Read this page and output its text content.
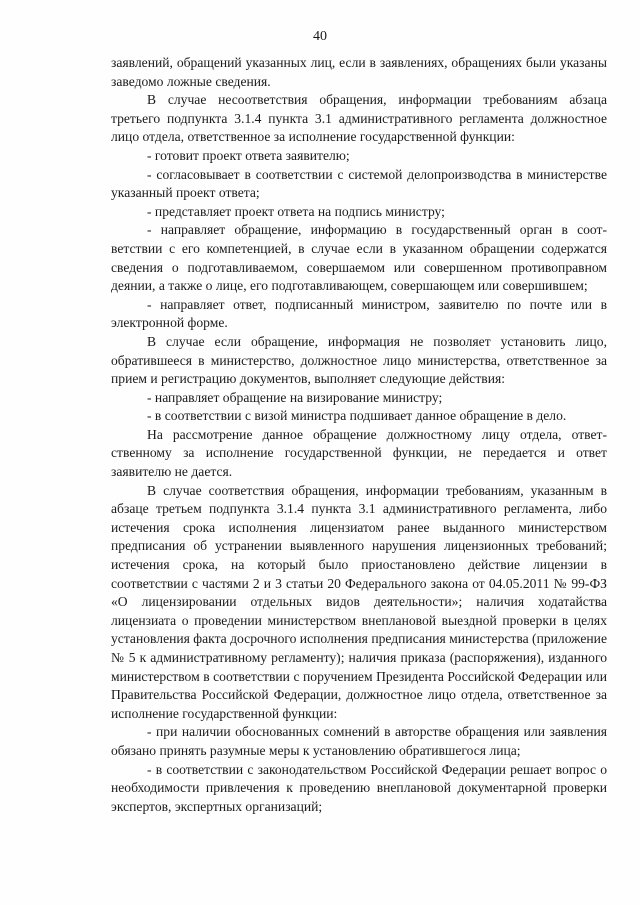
40

заявлений, обращений указанных лиц, если в заявлениях, обращениях были указаны заведомо ложные сведения.

В случае несоответствия обращения, информации требованиям абзаца третьего подпункта 3.1.4 пункта 3.1 административного регламента должностное лицо отдела, ответственное за исполнение государственной функции:

- готовит проект ответа заявителю;

- согласовывает в соответствии с системой делопроизводства в министерстве указанный проект ответа;

- представляет проект ответа на подпись министру;

- направляет обращение, информацию в государственный орган в соответствии с его компетенцией, в случае если в указанном обращении содержатся сведения о подготавливаемом, совершаемом или совершенном противоправном деянии, а также о лице, его подготавливающем, совершающем или совершившем;

- направляет ответ, подписанный министром, заявителю по почте или в электронной форме.

В случае если обращение, информация не позволяет установить лицо, обратившееся в министерство, должностное лицо министерства, ответственное за прием и регистрацию документов, выполняет следующие действия:

- направляет обращение на визирование министру;

- в соответствии с визой министра подшивает данное обращение в дело.

На рассмотрение данное обращение должностному лицу отдела, ответственному за исполнение государственной функции, не передается и ответ заявителю не дается.

В случае соответствия обращения, информации требованиям, указанным в абзаце третьем подпункта 3.1.4 пункта 3.1 административного регламента, либо истечения срока исполнения лицензиатом ранее выданного министерством предписания об устранении выявленного нарушения лицензионных требований; истечения срока, на который было приостановлено действие лицензии в соответствии с частями 2 и 3 статьи 20 Федерального закона от 04.05.2011 № 99-ФЗ «О лицензировании отдельных видов деятельности»; наличия ходатайства лицензиата о проведении министерством внеплановой выездной проверки в целях установления факта досрочного исполнения предписания министерства (приложение № 5 к административному регламенту); наличия приказа (распоряжения), изданного министерством в соответствии с поручением Президента Российской Федерации или Правительства Российской Федерации, должностное лицо отдела, ответственное за исполнение государственной функции:

- при наличии обоснованных сомнений в авторстве обращения или заявления обязано принять разумные меры к установлению обратившегося лица;

- в соответствии с законодательством Российской Федерации решает вопрос о необходимости привлечения к проведению внеплановой документарной проверки экспертов, экспертных организаций;
